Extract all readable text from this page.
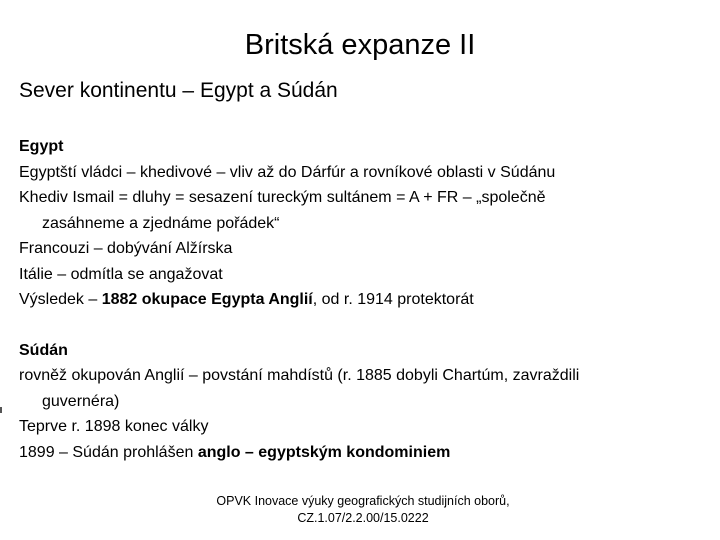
Britská expanze II
Sever kontinentu – Egypt a Súdán

Egypt

Egyptští vládci – khedivové – vliv až do Dárfúr a rovníkové oblasti v Súdánu

Khediv Ismail = dluhy = sesazení tureckým sultánem = A + FR – „společně

zasáhneme a zjednáme pořádek“

Francouzi – dobývání Alžírska

Itálie – odmítla se angažovat

Výsledek – 1882 okupace Egypta Anglií, od r. 1914 protektorát

Súdán

rovněž okupován Anglií – povstání mahdístů (r. 1885 dobyli Chartúm, zavraždili

guvernéra)

Teprve r. 1898 konec války

1899 – Súdán prohlášen anglo – egyptským kondominiem

OPVK Inovace výuky geografických studijních oborů,
CZ.1.07/2.2.00/15.0222
